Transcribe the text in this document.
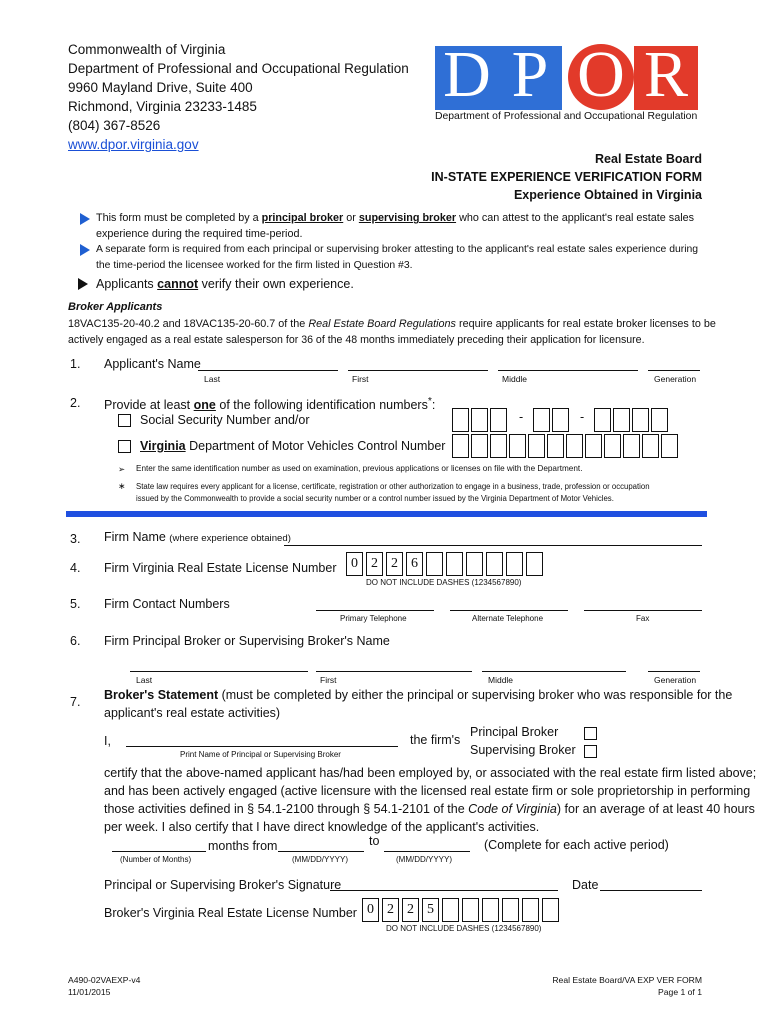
Commonwealth of Virginia
Department of Professional and Occupational Regulation
9960 Mayland Drive, Suite 400
Richmond, Virginia 23233-1485
(804) 367-8526
www.dpor.virginia.gov
D P O R
Department of Professional and Occupational Regulation
Real Estate Board
IN-STATE EXPERIENCE VERIFICATION FORM
Experience Obtained in Virginia
This form must be completed by a principal broker or supervising broker who can attest to the applicant's real estate sales
experience during the required time-period.
A separate form is required from each principal or supervising broker attesting to the applicant's real estate sales experience during
the time-period the licensee worked for the firm listed in Question #3.
Applicants cannot verify their own experience.
Broker Applicants
18VAC135-20-40.2 and 18VAC135-20-60.7 of the Real Estate Board Regulations require applicants for real estate broker licenses to be
actively engaged as a real estate salesperson for 36 of the 48 months immediately preceding their application for licensure.
1. Applicant's Name
Last	First	Middle	Generation
2. Provide at least one of the following identification numbers*:
Social Security Number and/or
Virginia Department of Motor Vehicles Control Number
-	-
➢ Enter the same identification number as used on examination, previous applications or licenses on file with the Department.
∗ State law requires every applicant for a license, certificate, registration or other authorization to engage in a business, trade, profession or occupation
issued by the Commonwealth to provide a social security number or a control number issued by the Virginia Department of Motor Vehicles.
3. Firm Name (where experience obtained)
4. Firm Virginia Real Estate License Number	0 2 2 6
DO NOT INCLUDE DASHES (1234567890)
5. Firm Contact Numbers
Primary Telephone	Alternate Telephone	Fax
6. Firm Principal Broker or Supervising Broker's Name
Last	First	Middle	Generation
7. Broker's Statement (must be completed by either the principal or supervising broker who was responsible for the
applicant's real estate activities)
I,
Print Name of Principal or Supervising Broker
the firm's
Principal Broker
Supervising Broker
certify that the above-named applicant has/had been employed by, or associated with the real estate firm listed above;
and has been actively engaged (active licensure with the licensed real estate firm or sole proprietorship in performing
those activities defined in § 54.1-2100 through § 54.1-2101 of the Code of Virginia) for an average of at least 40 hours
per week. I also certify that I have direct knowledge of the applicant's activities.
months from	to	(Complete for each active period)
(Number of Months)	(MM/DD/YYYY)	(MM/DD/YYYY)
Principal or Supervising Broker's Signature	Date
Broker's Virginia Real Estate License Number 0 2 2 5
DO NOT INCLUDE DASHES (1234567890)
A490-02VAEXP-v4
11/01/2015
Real Estate Board/VA EXP VER FORM
Page 1 of 1
